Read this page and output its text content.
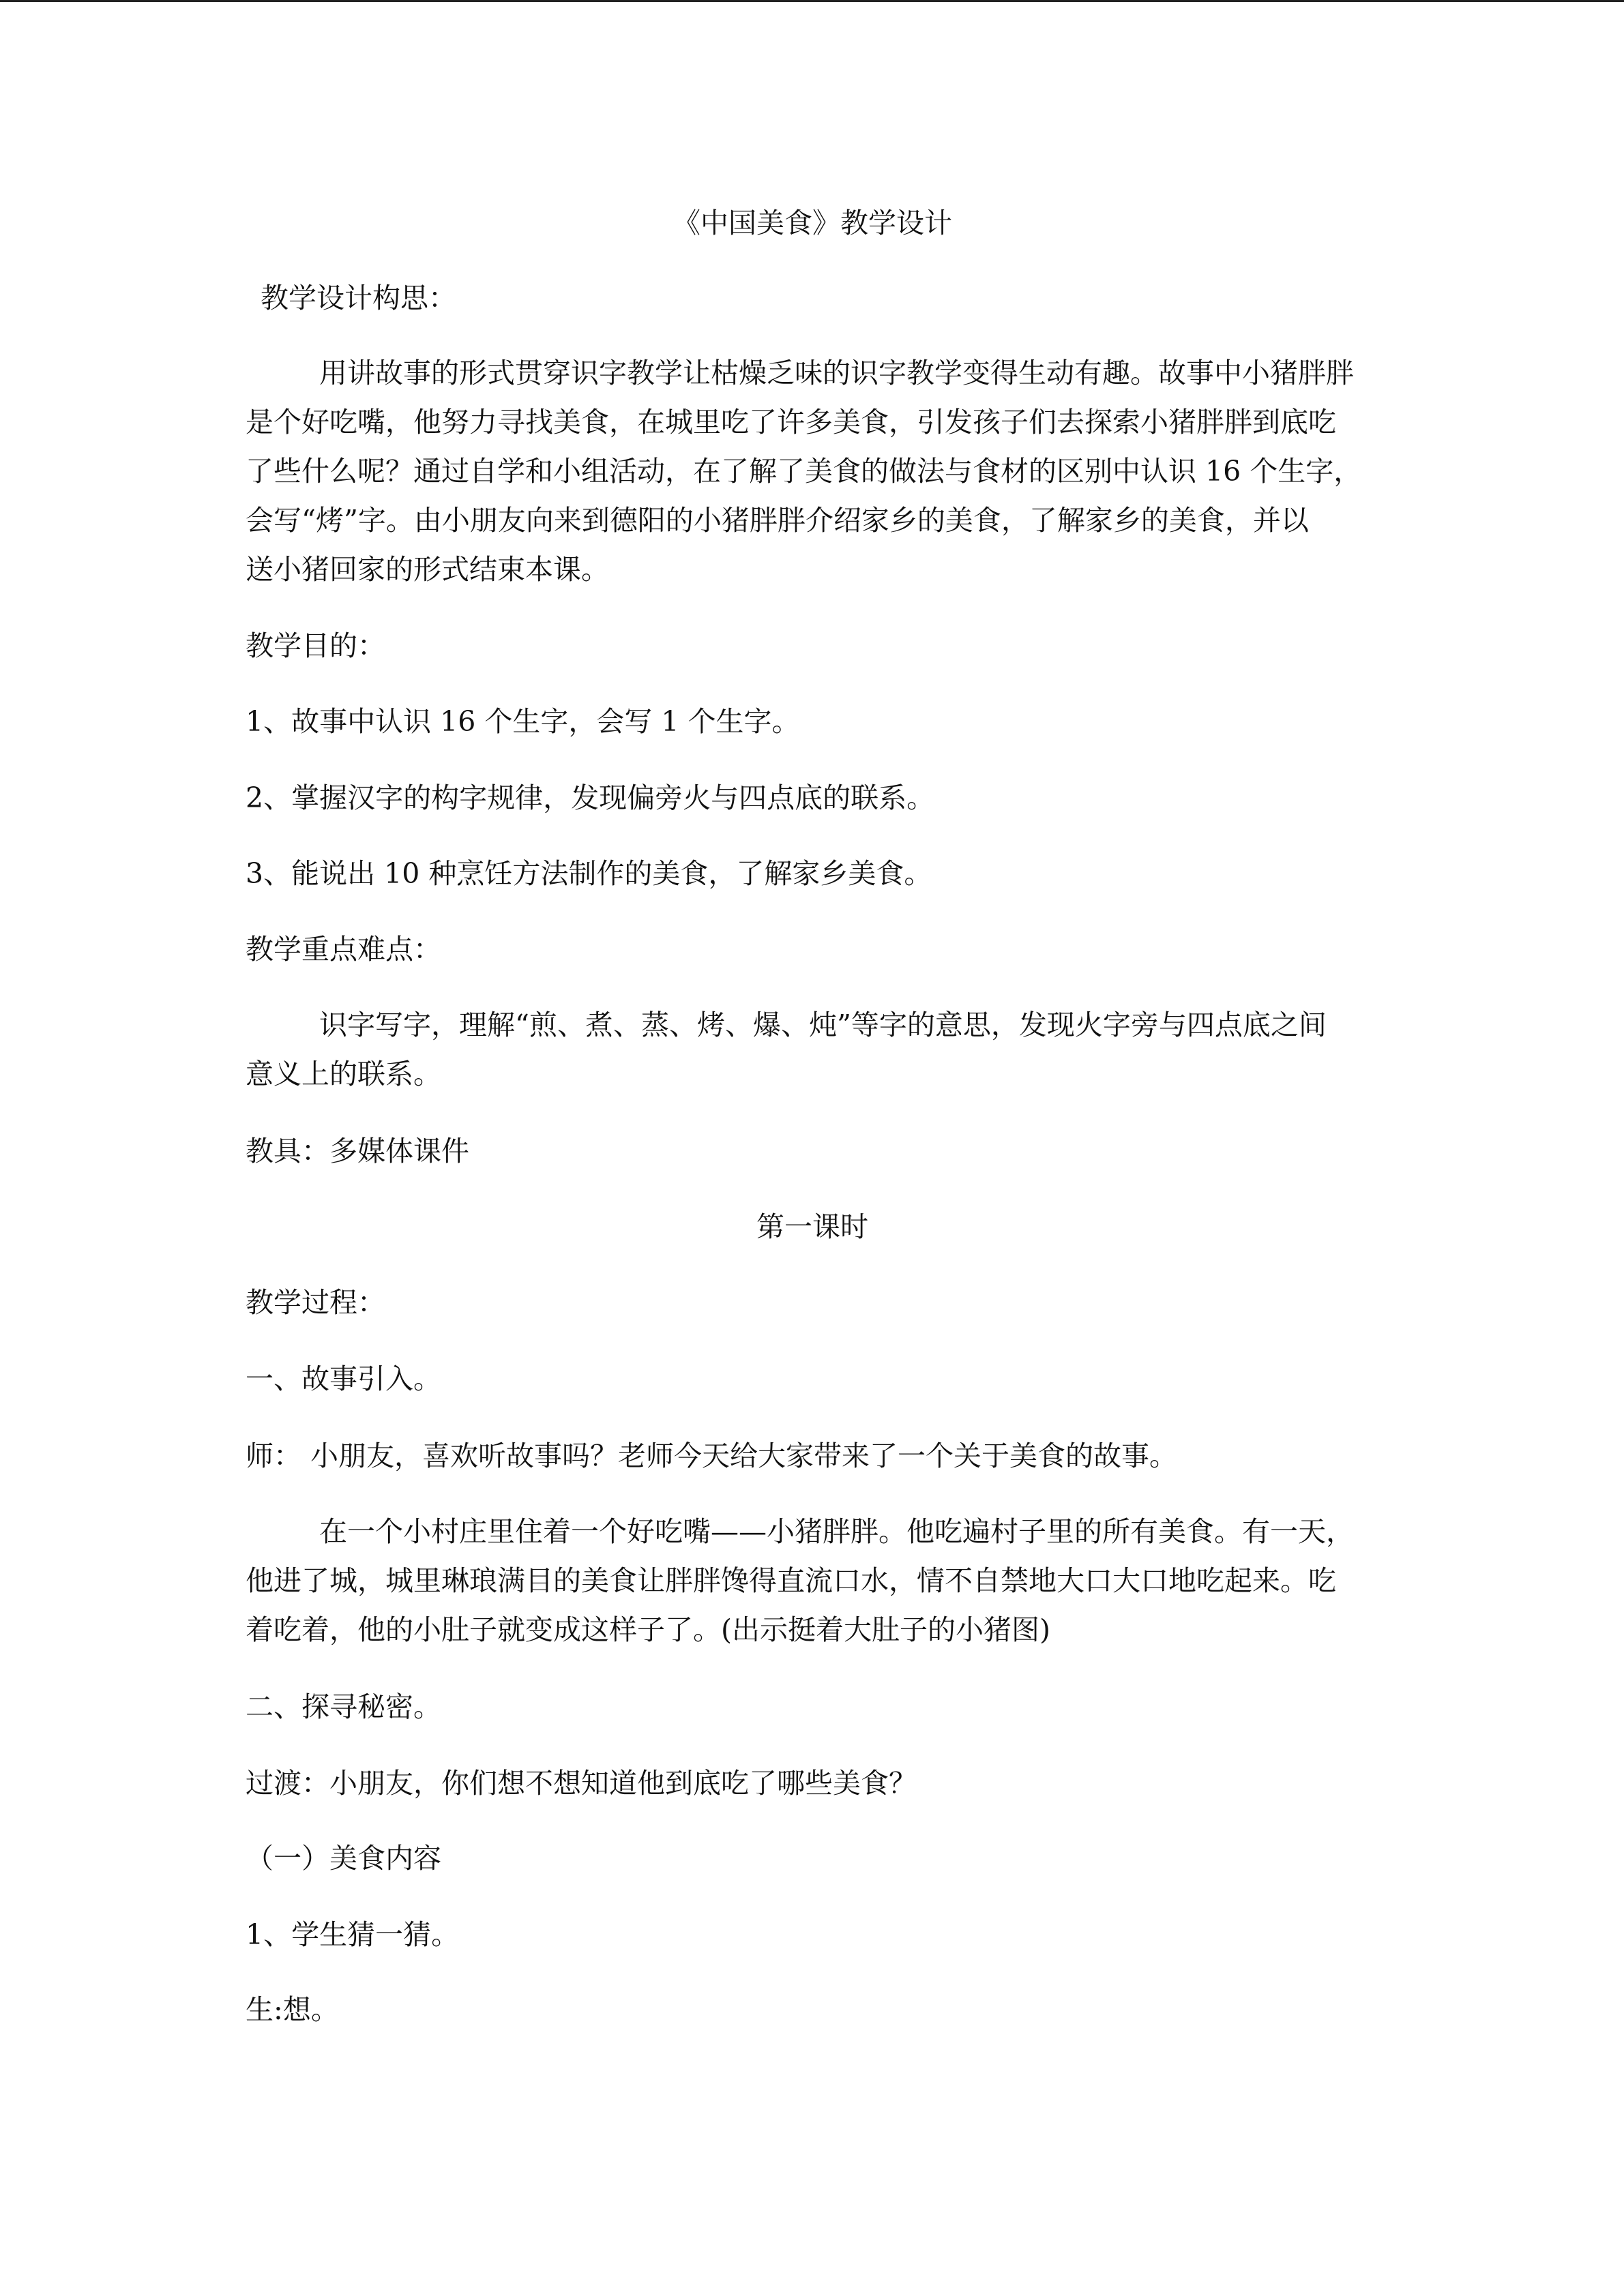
《中国美食》教学设计
教学设计构思：
用讲故事的形式贯穿识字教学让枯燥乏味的识字教学变得生动有趣。故事中小猪胖胖
是个好吃嘴，他努力寻找美食，在城里吃了许多美食，引发孩子们去探索小猪胖胖到底吃
了些什么呢？通过自学和小组活动，在了解了美食的做法与食材的区别中认识 16 个生字，
会写“烤”字。由小朋友向来到德阳的小猪胖胖介绍家乡的美食，了解家乡的美食，并以
送小猪回家的形式结束本课。
教学目的：
1、故事中认识 16 个生字，会写 1 个生字。
2、掌握汉字的构字规律，发现偏旁火与四点底的联系。
3、能说出 10 种烹饪方法制作的美食，了解家乡美食。
教学重点难点：
识字写字，理解“煎、煮、蒸、烤、爆、炖”等字的意思，发现火字旁与四点底之间
意义上的联系。
教具：多媒体课件
第一课时
教学过程：
一、故事引入。
师： 小朋友，喜欢听故事吗？老师今天给大家带来了一个关于美食的故事。
在一个小村庄里住着一个好吃嘴——小猪胖胖。他吃遍村子里的所有美食。有一天，
他进了城，城里琳琅满目的美食让胖胖馋得直流口水，情不自禁地大口大口地吃起来。吃
着吃着，他的小肚子就变成这样子了。(出示挺着大肚子的小猪图)
二、探寻秘密。
过渡：小朋友，你们想不想知道他到底吃了哪些美食？
（一）美食内容
1、学生猜一猜。
生:想。
